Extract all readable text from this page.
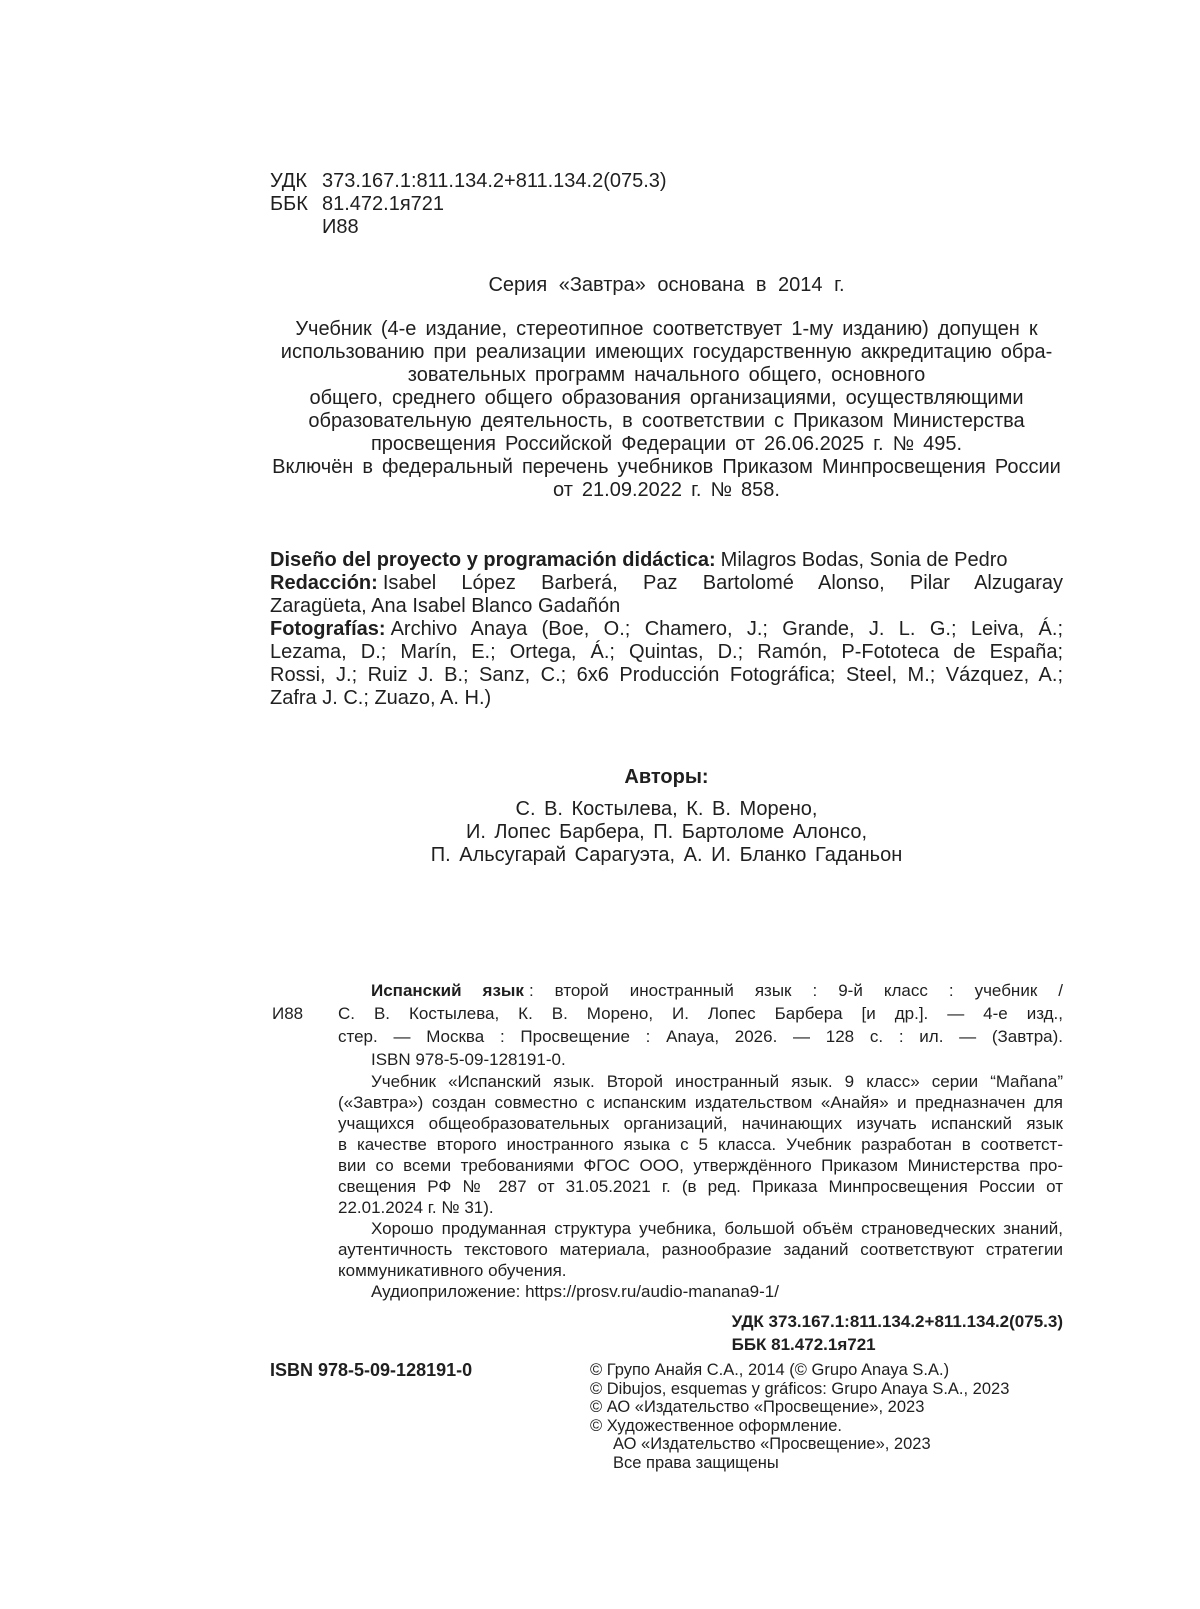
УДК 373.167.1:811.134.2+811.134.2(075.3)
ББК 81.472.1я721
И88
Серия «Завтра» основана в 2014 г.
Учебник (4-е издание, стереотипное соответствует 1-му изданию) допущен к
использованию при реализации имеющих государственную аккредитацию обра-
зовательных программ начального общего, основного
общего, среднего общего образования организациями, осуществляющими
образовательную деятельность, в соответствии с Приказом Министерства
просвещения Российской Федерации от 26.06.2025 г. № 495.
Включён в федеральный перечень учебников Приказом Минпросвещения России
от 21.09.2022 г. № 858.
Diseño del proyecto y programación didáctica: Milagros Bodas, Sonia de Pedro
Redacción: Isabel López Barberá, Paz Bartolomé Alonso, Pilar Alzugaray
Zaragüeta, Ana Isabel Blanco Gadañón
Fotografías: Archivo Anaya (Boe, O.; Chamero, J.; Grande, J. L. G.; Leiva, Á.;
Lezama, D.; Marín, E.; Ortega, Á.; Quintas, D.; Ramón, P-Fototeca de España;
Rossi, J.; Ruiz J. B.; Sanz, C.; 6x6 Producción Fotográfica; Steel, M.; Vázquez, A.;
Zafra J. C.; Zuazo, A. H.)
Авторы:
С. В. Костылева, К. В. Морено,
И. Лопес Барбера, П. Бартоломе Алонсо,
П. Альсугарай Сарагуэта, А. И. Бланко Гаданьон
И88
Испанский язык : второй иностранный язык : 9-й класс : учебник /
С. В. Костылева, К. В. Морено, И. Лопес Барбера [и др.]. — 4-е изд.,
стер. — Москва : Просвещение : Anaya, 2026. — 128 с. : ил. — (Завтра).
ISBN 978-5-09-128191-0.
Учебник «Испанский язык. Второй иностранный язык. 9 класс» серии “Mañana”
(«Завтра») создан совместно с испанским издательством «Анайя» и предназначен для
учащихся общеобразовательных организаций, начинающих изучать испанский язык
в качестве второго иностранного языка с 5 класса. Учебник разработан в соответст-
вии со всеми требованиями ФГОС ООО, утверждённого Приказом Министерства про-
свещения РФ № 287 от 31.05.2021 г. (в ред. Приказа Минпросвещения России от
22.01.2024 г. № 31).
Хорошо продуманная структура учебника, большой объём страноведческих знаний,
аутентичность текстового материала, разнообразие заданий соответствуют стратегии
коммуникативного обучения.
Аудиоприложение: https://prosv.ru/audio-manana9-1/
УДК 373.167.1:811.134.2+811.134.2(075.3)
ББК 81.472.1я721
ISBN 978-5-09-128191-0	© Групо Анайя С.А., 2014 (© Grupo Anaya S.A.)
© Dibujos, esquemas y gráficos: Grupo Anaya S.A., 2023
© АО «Издательство «Просвещение», 2023
© Художественное оформление.
АО «Издательство «Просвещение», 2023
Все права защищены
